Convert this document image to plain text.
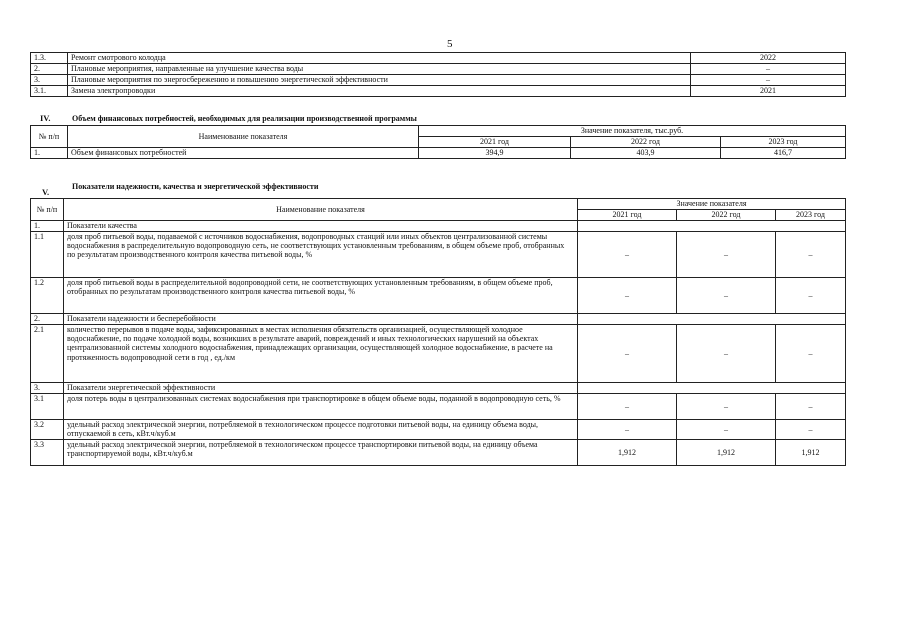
5
1.3.	Ремонт смотрового колодца	2022
2.	Плановые мероприятия, направленные на улучшение качества воды	–
3.	Плановые мероприятия по энергосбережению и повышению энергетической эффективности	–
3.1.	Замена электропроводки	2021
IV.	Объем финансовых потребностей, необходимых для реализации производственной программы
№ п/п	Наименование показателя	Значение показателя, тыс.руб.		
		2021 год	2022 год	2023 год
1.	Объем финансовых потребностей	394,9	403,9	416,7
V.
Показатели надежности, качества и энергетической эффективности
№ п/п	Наименование показателя	Значение показателя		
		2021 год	2022 год	2023 год
1.	Показатели качества			
1.1	доля проб питьевой воды, подаваемой с источников водоснабжения, водопроводных станций или иных объектов централизованной системы водоснабжения в распределительную водопроводную сеть, не соответствующих установленным требованиям, в общем объеме проб, отобранных по результатам производственного контроля качества питьевой воды, %	–	–	–
1.2	доля проб питьевой воды в распределительной водопроводной сети, не соответствующих установленным требованиям, в общем объеме проб, отобранных по результатам производственного контроля качества питьевой воды, %	–	–	–
2.	Показатели надежности и бесперебойности			
2.1	количество перерывов в подаче воды, зафиксированных в местах исполнения обязательств организацией, осуществляющей холодное водоснабжение, по подаче холодной воды, возникших в результате аварий, повреждений и иных технологических нарушений на объектах централизованной системы холодного водоснабжения, принадлежащих организации, осуществляющей холодное водоснабжение, в расчете на протяженность водопроводной сети в год , ед./км	–	–	–
3.	Показатели энергетической эффективности			
3.1	доля потерь воды в централизованных системах водоснабжения при транспортировке в общем объеме воды, поданной в водопроводную сеть, %	–	–	–
3.2	удельный расход электрической энергии, потребляемой в технологическом процессе подготовки питьевой воды, на единицу объема воды, отпускаемой в сеть, кВт.ч/куб.м	–	–	–
3.3	удельный расход электрической энергии, потребляемой в технологическом процессе транспортировки питьевой воды, на единицу объема транспортируемой воды, кВт.ч/куб.м	1,912	1,912	1,912
